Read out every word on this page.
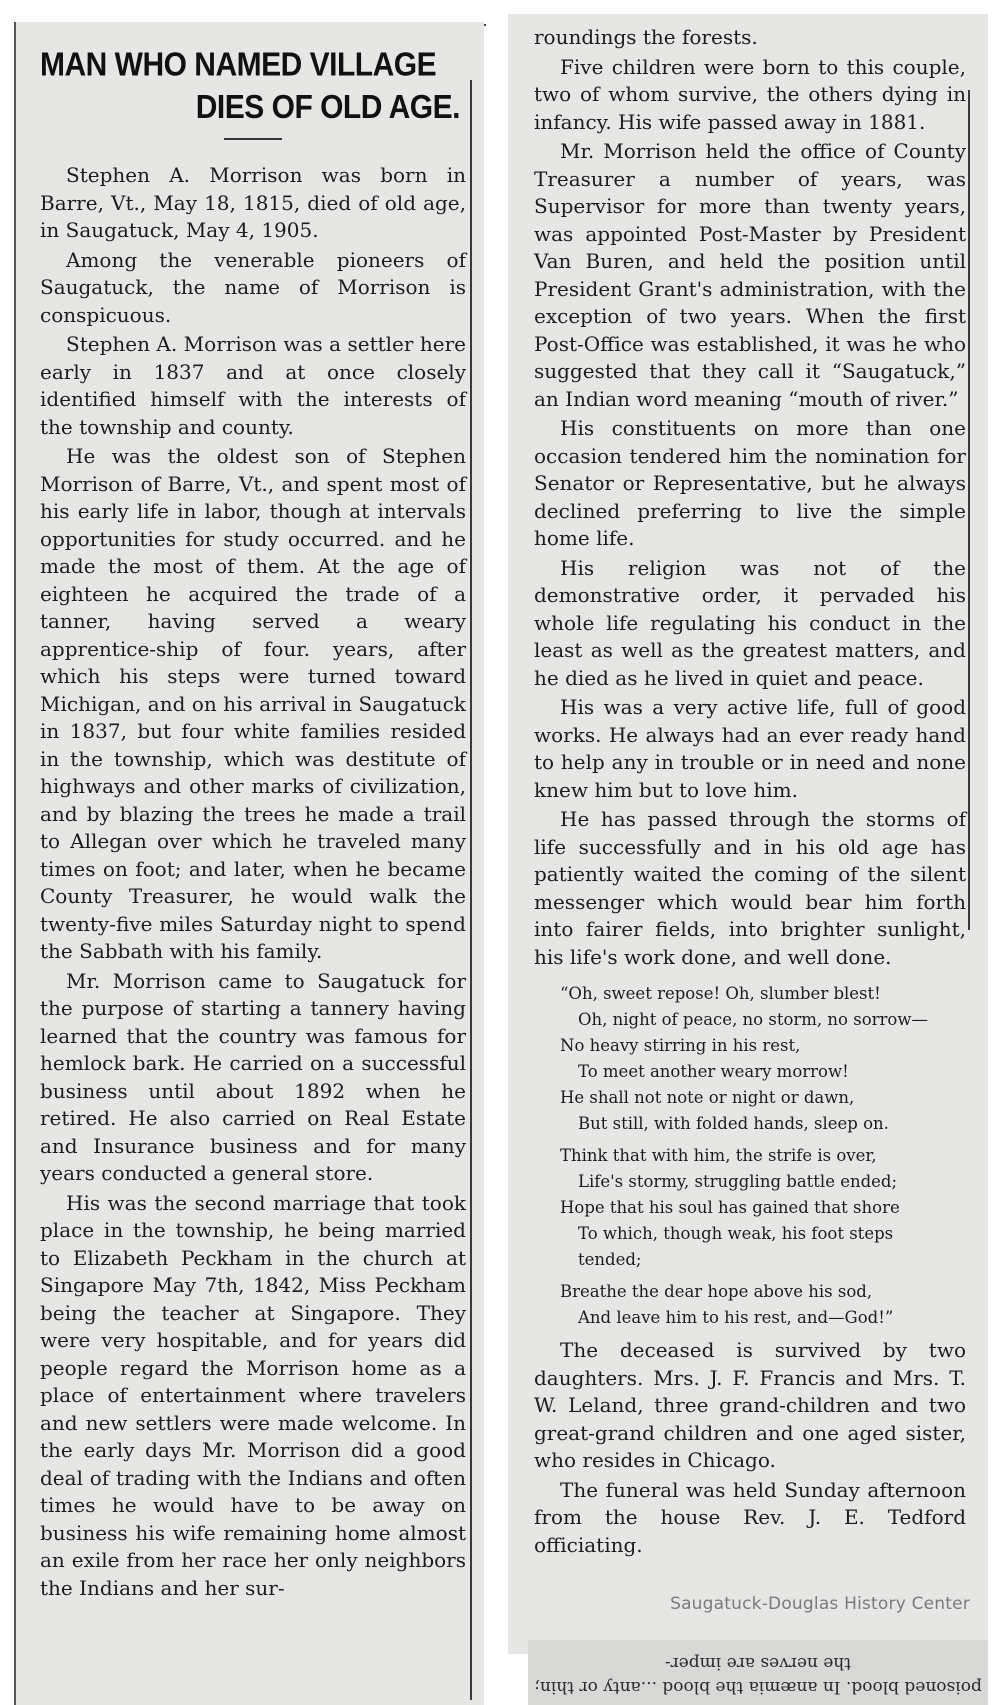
MAN WHO NAMED VILLAGE
DIES OF OLD AGE.

Stephen A. Morrison was born in Barre, Vt., May 18, 1815, died of old age, in Saugatuck, May 4, 1905.

Among the venerable pioneers of Saugatuck, the name of Morrison is conspicuous.

Stephen A. Morrison was a settler here early in 1837 and at once closely identified himself with the interests of the township and county.

He was the oldest son of Stephen Morrison of Barre, Vt., and spent most of his early life in labor, though at intervals opportunities for study occurred. and he made the most of them. At the age of eighteen he acquired the trade of a tanner, having served a weary apprentice-ship of four. years, after which his steps were turned toward Michigan, and on his arrival in Saugatuck in 1837, but four white families resided in the township, which was destitute of highways and other marks of civilization, and by blazing the trees he made a trail to Allegan over which he traveled many times on foot; and later, when he became County Treasurer, he would walk the twenty-five miles Saturday night to spend the Sabbath with his family.

Mr. Morrison came to Saugatuck for the purpose of starting a tannery having learned that the country was famous for hemlock bark. He carried on a successful business until about 1892 when he retired. He also carried on Real Estate and Insurance business and for many years conducted a general store.

His was the second marriage that took place in the township, he being married to Elizabeth Peckham in the church at Singapore May 7th, 1842, Miss Peckham being the teacher at Singapore. They were very hospitable, and for years did people regard the Morrison home as a place of entertainment where travelers and new settlers were made welcome. In the early days Mr. Morrison did a good deal of trading with the Indians and often times he would have to be away on business his wife remaining home almost an exile from her race her only neighbors the Indians and her sur-

roundings the forests.

Five children were born to this couple, two of whom survive, the others dying in infancy. His wife passed away in 1881.

Mr. Morrison held the office of County Treasurer a number of years, was Supervisor for more than twenty years, was appointed Post-Master by President Van Buren, and held the position until President Grant's administration, with the exception of two years. When the first Post-Office was established, it was he who suggested that they call it “Saugatuck,” an Indian word meaning “mouth of river.”

His constituents on more than one occasion tendered him the nomination for Senator or Representative, but he always declined preferring to live the simple home life.

His religion was not of the demonstrative order, it pervaded his whole life regulating his conduct in the least as well as the greatest matters, and he died as he lived in quiet and peace.

His was a very active life, full of good works. He always had an ever ready hand to help any in trouble or in need and none knew him but to love him.

He has passed through the storms of life successfully and in his old age has patiently waited the coming of the silent messenger which would bear him forth into fairer fields, into brighter sunlight, his life's work done, and well done.

“Oh, sweet repose! Oh, slumber blest!
Oh, night of peace, no storm, no sorrow—
No heavy stirring in his rest,
To meet another weary morrow!
He shall not note or night or dawn,
But still, with folded hands, sleep on.
Think that with him, the strife is over,
Life's stormy, struggling battle ended;
Hope that his soul has gained that shore
To which, though weak, his foot steps
tended;
Breathe the dear hope above his sod,
And leave him to his rest, and—God!”

The deceased is survived by two daughters. Mrs. J. F. Francis and Mrs. T. W. Leland, three grand-children and two great-grand children and one aged sister, who resides in Chicago.

The funeral was held Sunday afternoon from the house Rev. J. E. Tedford officiating.

Saugatuck-Douglas History Center
poisoned blood. In anæmia the blood ...anty or thin; the nerves are imper-
